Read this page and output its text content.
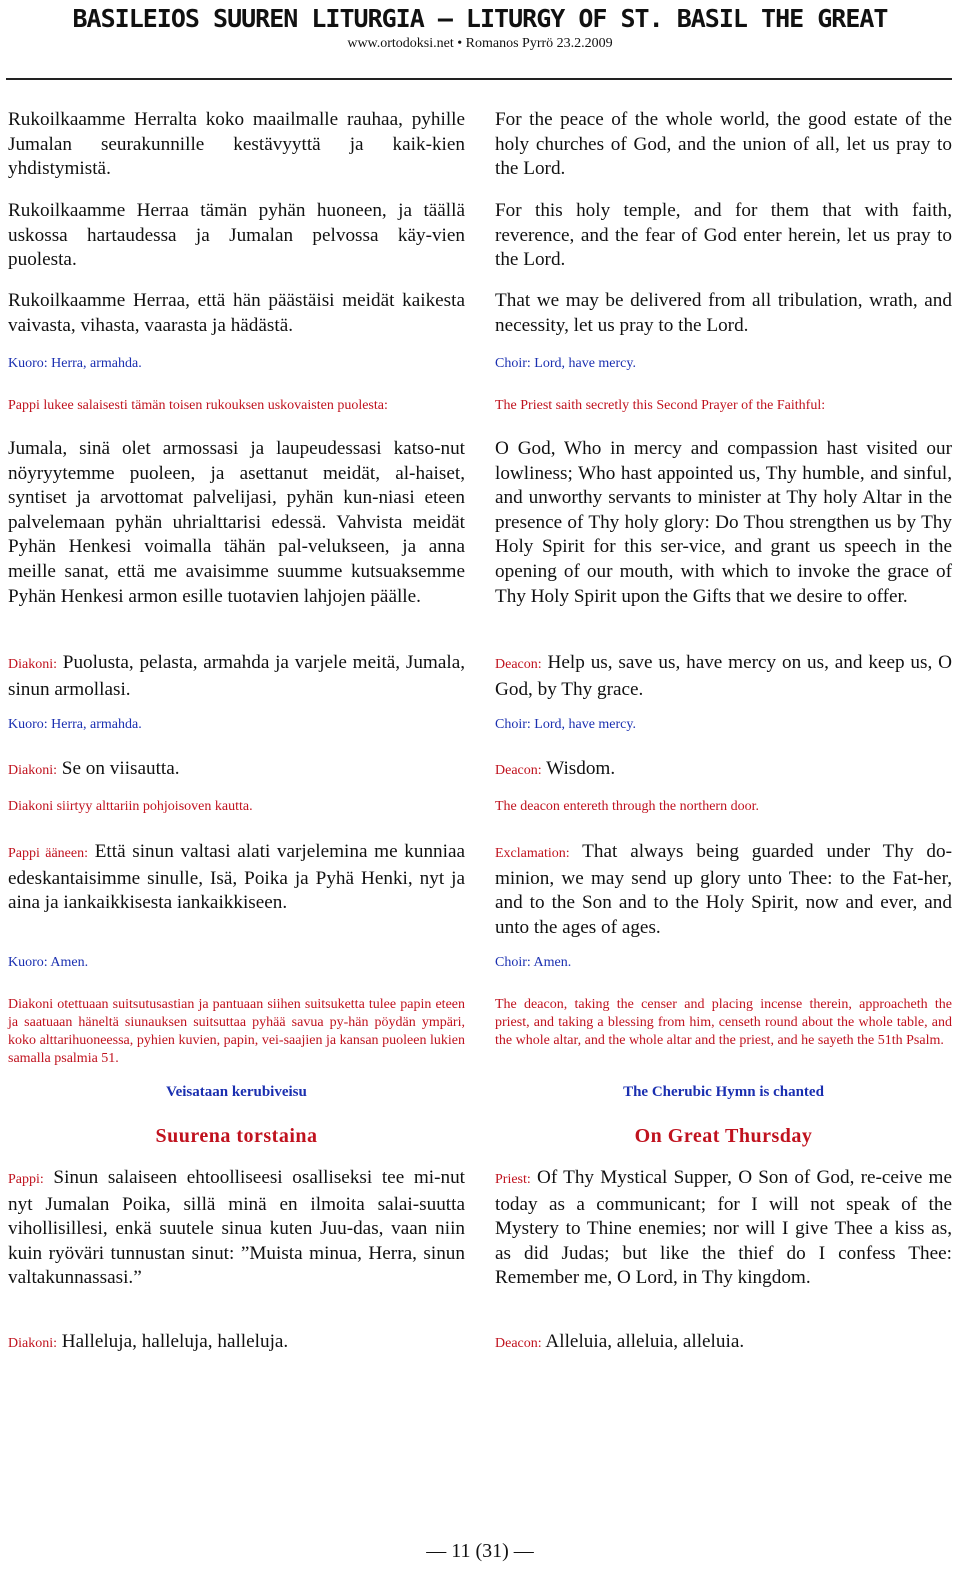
BASILEIOS SUUREN LITURGIA — LITURGY OF ST. BASIL THE GREAT
www.ortodoksi.net • Romanos Pyrrö 23.2.2009
Rukoilkaamme Herralta koko maailmalle rauhaa, pyhille Jumalan seurakunnille kestävyyttä ja kaik-kien yhdistymistä.
Rukoilkaamme Herraa tämän pyhän huoneen, ja täällä uskossa hartaudessa ja Jumalan pelvossa käy-vien puolesta.
Rukoilkaamme Herraa, että hän päästäisi meidät kaikesta vaivasta, vihasta, vaarasta ja hädästä.
Kuoro: Herra, armahda.
Pappi lukee salaisesti tämän toisen rukouksen uskovaisten puolesta:
Jumala, sinä olet armossasi ja laupeudessasi katso-nut nöyryytemme puoleen, ja asettanut meidät, al-haiset, syntiset ja arvottomat palvelijasi, pyhän kun-niasi eteen palvelemaan pyhän uhrialttarisi edessä. Vahvista meidät Pyhän Henkesi voimalla tähän pal-velukseen, ja anna meille sanat, että me avaisimme suumme kutsuaksemme Pyhän Henkesi armon esille tuotavien lahjojen päälle.
Diakoni: Puolusta, pelasta, armahda ja varjele meitä, Jumala, sinun armollasi.
Kuoro: Herra, armahda.
Diakoni: Se on viisautta.
Diakoni siirtyy alttariin pohjoisoven kautta.
Pappi ääneen: Että sinun valtasi alati varjelemina me kunniaa edeskantaisimme sinulle, Isä, Poika ja Pyhä Henki, nyt ja aina ja iankaikkisesta iankaikkiseen.
Kuoro: Amen.
Diakoni otettuaan suitsutusastian ja pantuaan siihen suitsuketta tulee papin eteen ja saatuaan häneltä siunauksen suitsuttaa pyhää savua py-hän pöydän ympäri, koko alttarihuoneessa, pyhien kuvien, papin, vei-saajien ja kansan puoleen lukien samalla psalmia 51.
Veisataan kerubiveisu
Suurena torstaina
Pappi: Sinun salaiseen ehtoolliseesi osalliseksi tee mi-nut nyt Jumalan Poika, sillä minä en ilmoita salai-suutta vihollisillesi, enkä suutele sinua kuten Juu-das, vaan niin kuin ryöväri tunnustan sinut: ”Muista minua, Herra, sinun valtakunnassasi.”
Diakoni: Halleluja, halleluja, halleluja.
For the peace of the whole world, the good estate of the holy churches of God, and the union of all, let us pray to the Lord.
For this holy temple, and for them that with faith, reverence, and the fear of God enter herein, let us pray to the Lord.
That we may be delivered from all tribulation, wrath, and necessity, let us pray to the Lord.
Choir: Lord, have mercy.
The Priest saith secretly this Second Prayer of the Faithful:
O God, Who in mercy and compassion hast visited our lowliness; Who hast appointed us, Thy humble, and sinful, and unworthy servants to minister at Thy holy Altar in the presence of Thy holy glory: Do Thou strengthen us by Thy Holy Spirit for this ser-vice, and grant us speech in the opening of our mouth, with which to invoke the grace of Thy Holy Spirit upon the Gifts that we desire to offer.
Deacon: Help us, save us, have mercy on us, and keep us, O God, by Thy grace.
Choir: Lord, have mercy.
Deacon: Wisdom.
The deacon entereth through the northern door.
Exclamation: That always being guarded under Thy do-minion, we may send up glory unto Thee: to the Fat-her, and to the Son and to the Holy Spirit, now and ever, and unto the ages of ages.
Choir: Amen.
The deacon, taking the censer and placing incense therein, approacheth the priest, and taking a blessing from him, censeth round about the whole table, and the whole altar, and the whole altar and the priest, and he sayeth the 51th Psalm.
The Cherubic Hymn is chanted
On Great Thursday
Priest: Of Thy Mystical Supper, O Son of God, re-ceive me today as a communicant; for I will not speak of the Mystery to Thine enemies; nor will I give Thee a kiss as, as did Judas; but like the thief do I confess Thee: Remember me, O Lord, in Thy kingdom.
Deacon: Alleluia, alleluia, alleluia.
— 11 (31) —
